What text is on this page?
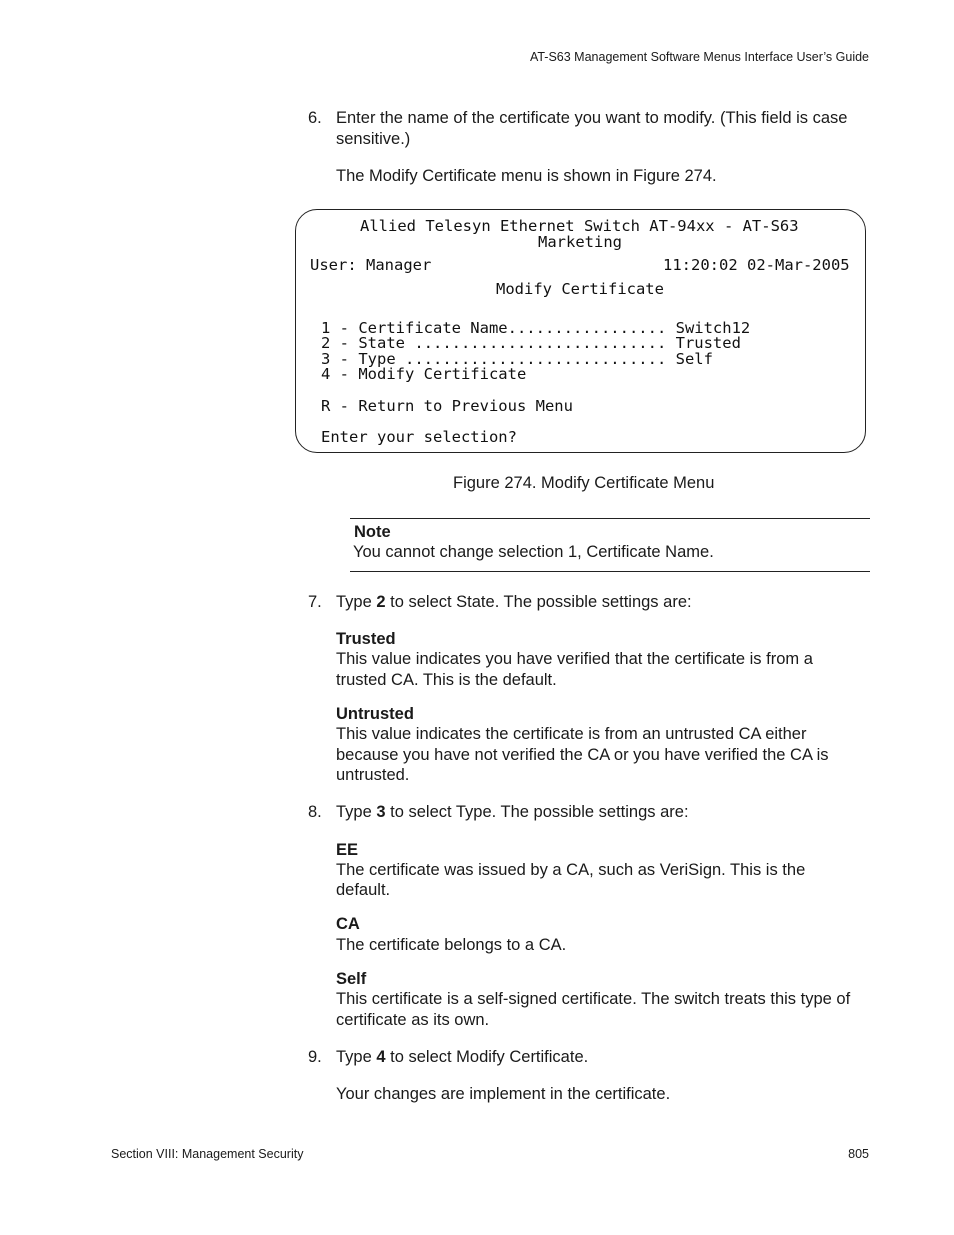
AT-S63 Management Software Menus Interface User’s Guide
6. Enter the name of the certificate you want to modify. (This field is case
sensitive.)
The Modify Certificate menu is shown in Figure 274.
Allied Telesyn Ethernet Switch AT-94xx - AT-S63
Marketing
User: Manager	11:20:02 02-Mar-2005
Modify Certificate
1 - Certificate Name................. Switch12
2 - State ........................... Trusted
3 - Type ............................ Self
4 - Modify Certificate
R - Return to Previous Menu
Enter your selection?
Figure 274. Modify Certificate Menu
Note
You cannot change selection 1, Certificate Name.
7. Type 2 to select State. The possible settings are:
Trusted
This value indicates you have verified that the certificate is from a
trusted CA. This is the default.
Untrusted
This value indicates the certificate is from an untrusted CA either
because you have not verified the CA or you have verified the CA is
untrusted.
8. Type 3 to select Type. The possible settings are:
EE
The certificate was issued by a CA, such as VeriSign. This is the
default.
CA
The certificate belongs to a CA.
Self
This certificate is a self-signed certificate. The switch treats this type of
certificate as its own.
9. Type 4 to select Modify Certificate.
Your changes are implement in the certificate.
Section VIII: Management Security	805
